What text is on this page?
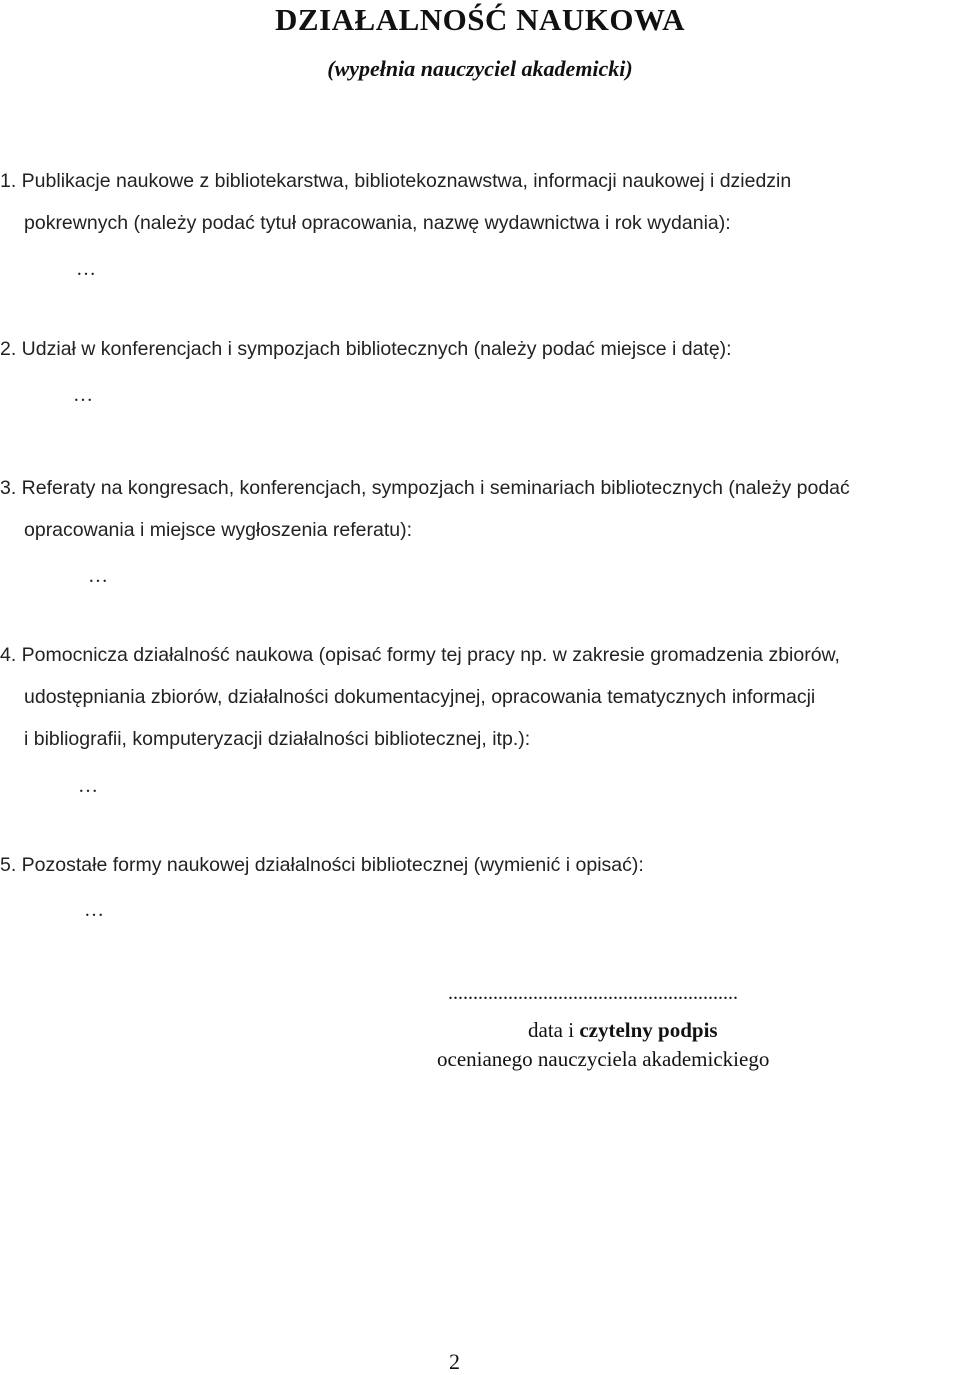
DZIAŁALNOŚĆ NAUKOWA
(wypełnia nauczyciel akademicki)
1. Publikacje naukowe z bibliotekarstwa, bibliotekoznawstwa, informacji naukowej i dziedzin
pokrewnych (należy podać tytuł opracowania, nazwę wydawnictwa i rok wydania):
…
2. Udział w konferencjach i sympozjach bibliotecznych (należy podać miejsce i datę):
…
3. Referaty na kongresach, konferencjach, sympozjach i seminariach bibliotecznych (należy podać
opracowania i miejsce wygłoszenia referatu):
…
4. Pomocnicza działalność naukowa (opisać formy tej pracy np. w zakresie gromadzenia zbiorów,
udostępniania zbiorów, działalności dokumentacyjnej, opracowania tematycznych informacji
i bibliografii, komputeryzacji działalności bibliotecznej, itp.):
…
5. Pozostałe formy naukowej działalności bibliotecznej (wymienić i opisać):
…
..........................................................
data i czytelny podpis
ocenianego nauczyciela akademickiego
2
